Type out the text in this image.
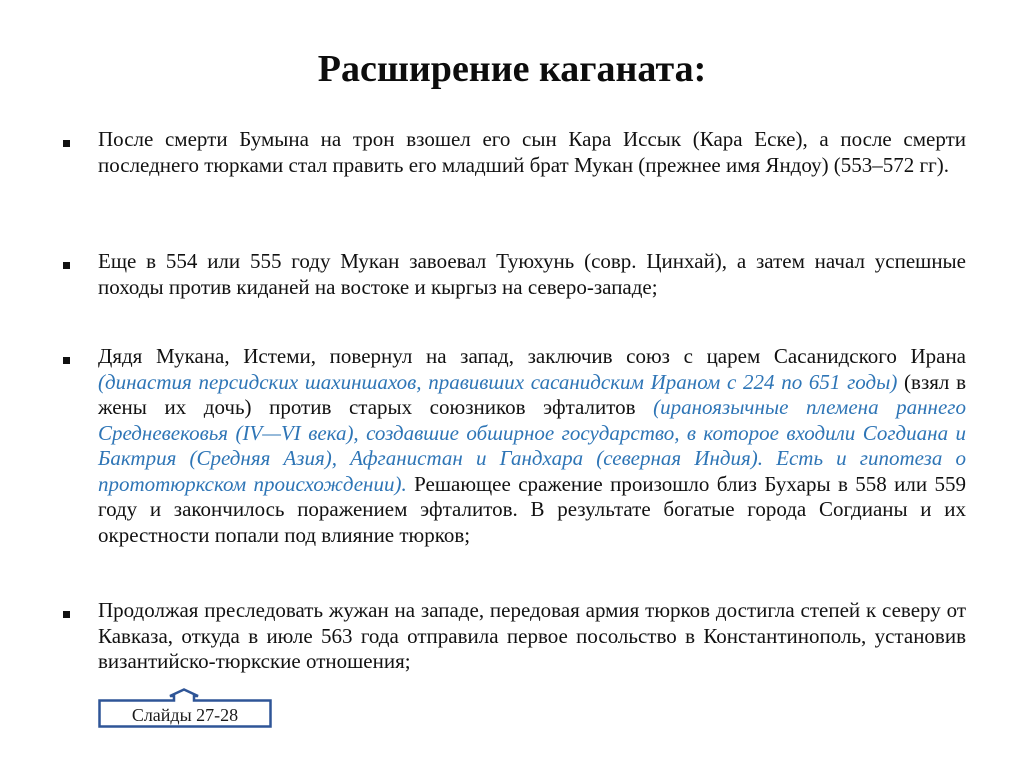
Расширение каганата:

После смерти Бумына на трон взошел его сын Кара Иссык (Кара Еске), а после смерти последнего тюрками стал править его младший брат Мукан (прежнее имя Яндоу) (553–572 гг).

Еще в 554 или 555 году Мукан завоевал Туюхунь (совр. Цинхай), а затем начал успешные походы против киданей на востоке и кыргыз на северо-западе;

Дядя Мукана, Истеми, повернул на запад, заключив союз с царем Сасанидского Ирана (династия персидских шахиншахов, правивших сасанидским Ираном с 224 по 651 годы) (взял в жены их дочь) против старых союзников эфталитов (ираноязычные племена раннего Средневековья (IV—VI века), создавшие обширное государство, в которое входили Согдиана и Бактрия (Средняя Азия), Афганистан и Гандхара (северная Индия). Есть и гипотеза о прототюркском происхождении). Решающее сражение произошло близ Бухары в 558 или 559 году и закончилось поражением эфталитов. В результате богатые города Согдианы и их окрестности попали под влияние тюрков;

Продолжая преследовать жужан на западе, передовая армия тюрков достигла степей к северу от Кавказа, откуда в июле 563 года отправила первое посольство в Константинополь, установив византийско-тюркские отношения;

Слайды 27-28
